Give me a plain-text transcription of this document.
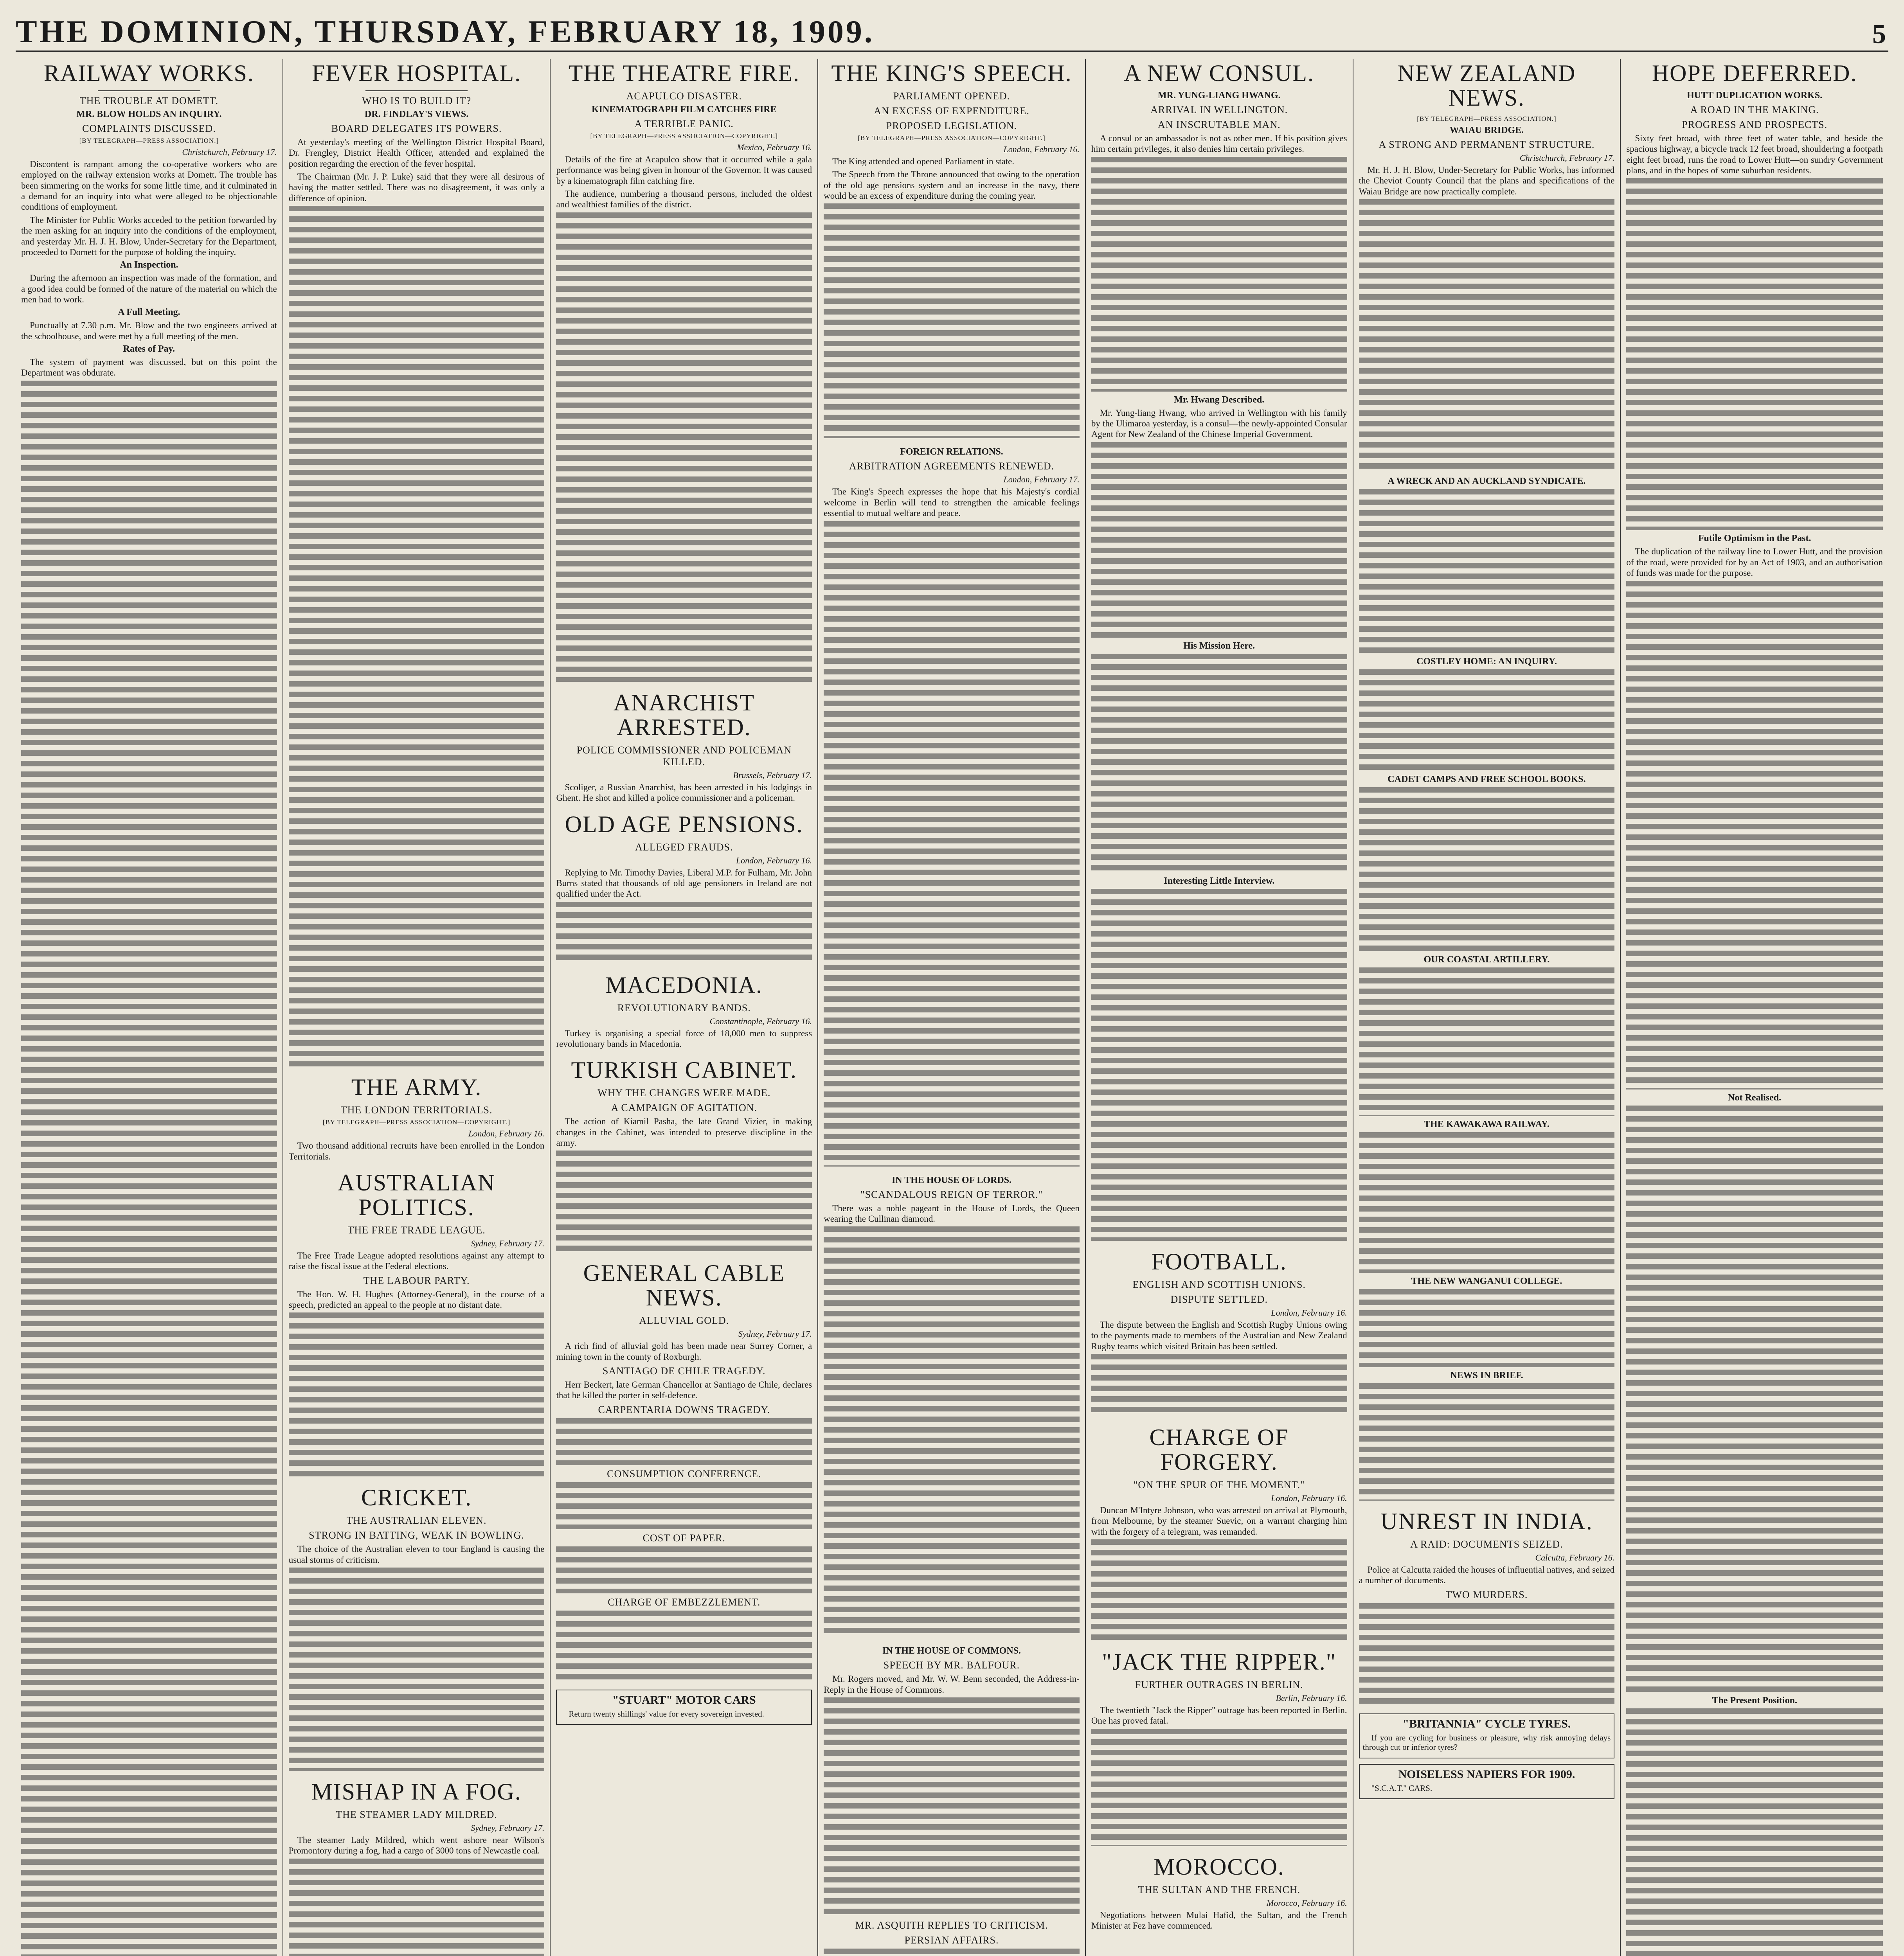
THE DOMINION, THURSDAY, FEBRUARY 18, 1909.	5
RAILWAY WORKS.
THE TROUBLE AT DOMETT.
MR. BLOW HOLDS AN INQUIRY.
COMPLAINTS DISCUSSED.
[BY TELEGRAPH—PRESS ASSOCIATION.]
Christchurch, February 17.

Discontent is rampant among the co-operative workers who are employed on the railway extension works at Domett. The trouble has been simmering on the works for some little time, and it culminated in a demand for an inquiry into what were alleged to be objectionable conditions of employment.

The Minister for Public Works acceded to the petition forwarded by the men asking for an inquiry into the conditions of the employment, and yesterday Mr. H. J. H. Blow, Under-Secretary for the Department, proceeded to Domett for the purpose of holding the inquiry.

An Inspection.

During the afternoon an inspection was made of the formation, and a good idea could be formed of the nature of the material on which the men had to work.

A Full Meeting.

Punctually at 7.30 p.m. Mr. Blow and the two engineers arrived at the schoolhouse, and were met by a full meeting of the men.

Rates of Pay.

The system of payment was discussed, but on this point the Department was obdurate.

FEVER HOSPITAL.
WHO IS TO BUILD IT?
DR. FINDLAY'S VIEWS.
BOARD DELEGATES ITS POWERS.

At yesterday's meeting of the Wellington District Hospital Board, Dr. Frengley, District Health Officer, attended and explained the position regarding the erection of the fever hospital.

The Chairman (Mr. J. P. Luke) said that they were all desirous of having the matter settled. There was no disagreement, it was only a difference of opinion.

THE ARMY.
THE LONDON TERRITORIALS.
[BY TELEGRAPH—PRESS ASSOCIATION—COPYRIGHT.]
London, February 16.

Two thousand additional recruits have been enrolled in the London Territorials.

AUSTRALIAN POLITICS.
THE FREE TRADE LEAGUE.
Sydney, February 17.

The Free Trade League adopted resolutions against any attempt to raise the fiscal issue at the Federal elections.

THE LABOUR PARTY.

The Hon. W. H. Hughes (Attorney-General), in the course of a speech, predicted an appeal to the people at no distant date.

CRICKET.
THE AUSTRALIAN ELEVEN.
STRONG IN BATTING, WEAK IN BOWLING.

The choice of the Australian eleven to tour England is causing the usual storms of criticism.

MISHAP IN A FOG.
THE STEAMER LADY MILDRED.
Sydney, February 17.

The steamer Lady Mildred, which went ashore near Wilson's Promontory during a fog, had a cargo of 3000 tons of Newcastle coal.

THE THEATRE FIRE.
ACAPULCO DISASTER.
KINEMATOGRAPH FILM CATCHES FIRE
A TERRIBLE PANIC.
[BY TELEGRAPH—PRESS ASSOCIATION—COPYRIGHT.]
Mexico, February 16.

Details of the fire at Acapulco show that it occurred while a gala performance was being given in honour of the Governor. It was caused by a kinematograph film catching fire.

The audience, numbering a thousand persons, included the oldest and wealthiest families of the district.

ANARCHIST ARRESTED.
POLICE COMMISSIONER AND POLICEMAN KILLED.
Brussels, February 17.

Scoliger, a Russian Anarchist, has been arrested in his lodgings in Ghent. He shot and killed a police commissioner and a policeman.

OLD AGE PENSIONS.
ALLEGED FRAUDS.
London, February 16.

Replying to Mr. Timothy Davies, Liberal M.P. for Fulham, Mr. John Burns stated that thousands of old age pensioners in Ireland are not qualified under the Act.

MACEDONIA.
REVOLUTIONARY BANDS.
Constantinople, February 16.

Turkey is organising a special force of 18,000 men to suppress revolutionary bands in Macedonia.

TURKISH CABINET.
WHY THE CHANGES WERE MADE.
A CAMPAIGN OF AGITATION.

The action of Kiamil Pasha, the late Grand Vizier, in making changes in the Cabinet, was intended to preserve discipline in the army.

GENERAL CABLE NEWS.
ALLUVIAL GOLD.
Sydney, February 17.

A rich find of alluvial gold has been made near Surrey Corner, a mining town in the county of Roxburgh.

SANTIAGO DE CHILE TRAGEDY.

Herr Beckert, late German Chancellor at Santiago de Chile, declares that he killed the porter in self-defence.

CARPENTARIA DOWNS TRAGEDY.
CONSUMPTION CONFERENCE.
COST OF PAPER.
CHARGE OF EMBEZZLEMENT.
"STUART" MOTOR CARS

Return twenty shillings' value for every sovereign invested.

THE KING'S SPEECH.
PARLIAMENT OPENED.
AN EXCESS OF EXPENDITURE.
PROPOSED LEGISLATION.
[BY TELEGRAPH—PRESS ASSOCIATION—COPYRIGHT.]
London, February 16.

The King attended and opened Parliament in state.

The Speech from the Throne announced that owing to the operation of the old age pensions system and an increase in the navy, there would be an excess of expenditure during the coming year.

FOREIGN RELATIONS.
ARBITRATION AGREEMENTS RENEWED.
London, February 17.

The King's Speech expresses the hope that his Majesty's cordial welcome in Berlin will tend to strengthen the amicable feelings essential to mutual welfare and peace.

IN THE HOUSE OF LORDS.
"SCANDALOUS REIGN OF TERROR."

There was a noble pageant in the House of Lords, the Queen wearing the Cullinan diamond.

IN THE HOUSE OF COMMONS.
SPEECH BY MR. BALFOUR.

Mr. Rogers moved, and Mr. W. W. Benn seconded, the Address-in-Reply in the House of Commons.

MR. ASQUITH REPLIES TO CRITICISM.
PERSIAN AFFAIRS.
A NEW CONSUL.
MR. YUNG-LIANG HWANG.
ARRIVAL IN WELLINGTON.
AN INSCRUTABLE MAN.

A consul or an ambassador is not as other men. If his position gives him certain privileges, it also denies him certain privileges.

Mr. Hwang Described.

Mr. Yung-liang Hwang, who arrived in Wellington with his family by the Ulimaroa yesterday, is a consul—the newly-appointed Consular Agent for New Zealand of the Chinese Imperial Government.

His Mission Here.
Interesting Little Interview.
FOOTBALL.
ENGLISH AND SCOTTISH UNIONS.
DISPUTE SETTLED.
London, February 16.

The dispute between the English and Scottish Rugby Unions owing to the payments made to members of the Australian and New Zealand Rugby teams which visited Britain has been settled.

CHARGE OF FORGERY.
"ON THE SPUR OF THE MOMENT."
London, February 16.

Duncan M'Intyre Johnson, who was arrested on arrival at Plymouth, from Melbourne, by the steamer Suevic, on a warrant charging him with the forgery of a telegram, was remanded.

"JACK THE RIPPER."
FURTHER OUTRAGES IN BERLIN.
Berlin, February 16.

The twentieth "Jack the Ripper" outrage has been reported in Berlin. One has proved fatal.

MOROCCO.
THE SULTAN AND THE FRENCH.
Morocco, February 16.

Negotiations between Mulai Hafid, the Sultan, and the French Minister at Fez have commenced.

NEW ZEALAND NEWS.
[BY TELEGRAPH—PRESS ASSOCIATION.]
WAIAU BRIDGE.
A STRONG AND PERMANENT STRUCTURE.
Christchurch, February 17.

Mr. H. J. H. Blow, Under-Secretary for Public Works, has informed the Cheviot County Council that the plans and specifications of the Waiau Bridge are now practically complete.

A WRECK AND AN AUCKLAND SYNDICATE.
COSTLEY HOME: AN INQUIRY.
CADET CAMPS AND FREE SCHOOL BOOKS.
OUR COASTAL ARTILLERY.
THE KAWAKAWA RAILWAY.
THE NEW WANGANUI COLLEGE.
NEWS IN BRIEF.
UNREST IN INDIA.
A RAID: DOCUMENTS SEIZED.
Calcutta, February 16.

Police at Calcutta raided the houses of influential natives, and seized a number of documents.

TWO MURDERS.
"BRITANNIA" CYCLE TYRES.

If you are cycling for business or pleasure, why risk annoying delays through cut or inferior tyres?

NOISELESS NAPIERS FOR 1909.

"S.C.A.T." CARS.

HOPE DEFERRED.
HUTT DUPLICATION WORKS.
A ROAD IN THE MAKING.
PROGRESS AND PROSPECTS.

Sixty feet broad, with three feet of water table, and beside the spacious highway, a bicycle track 12 feet broad, shouldering a footpath eight feet broad, runs the road to Lower Hutt—on sundry Government plans, and in the hopes of some suburban residents.

Futile Optimism in the Past.

The duplication of the railway line to Lower Hutt, and the provision of the road, were provided for by an Act of 1903, and an authorisation of funds was made for the purpose.

Not Realised.
The Present Position.
